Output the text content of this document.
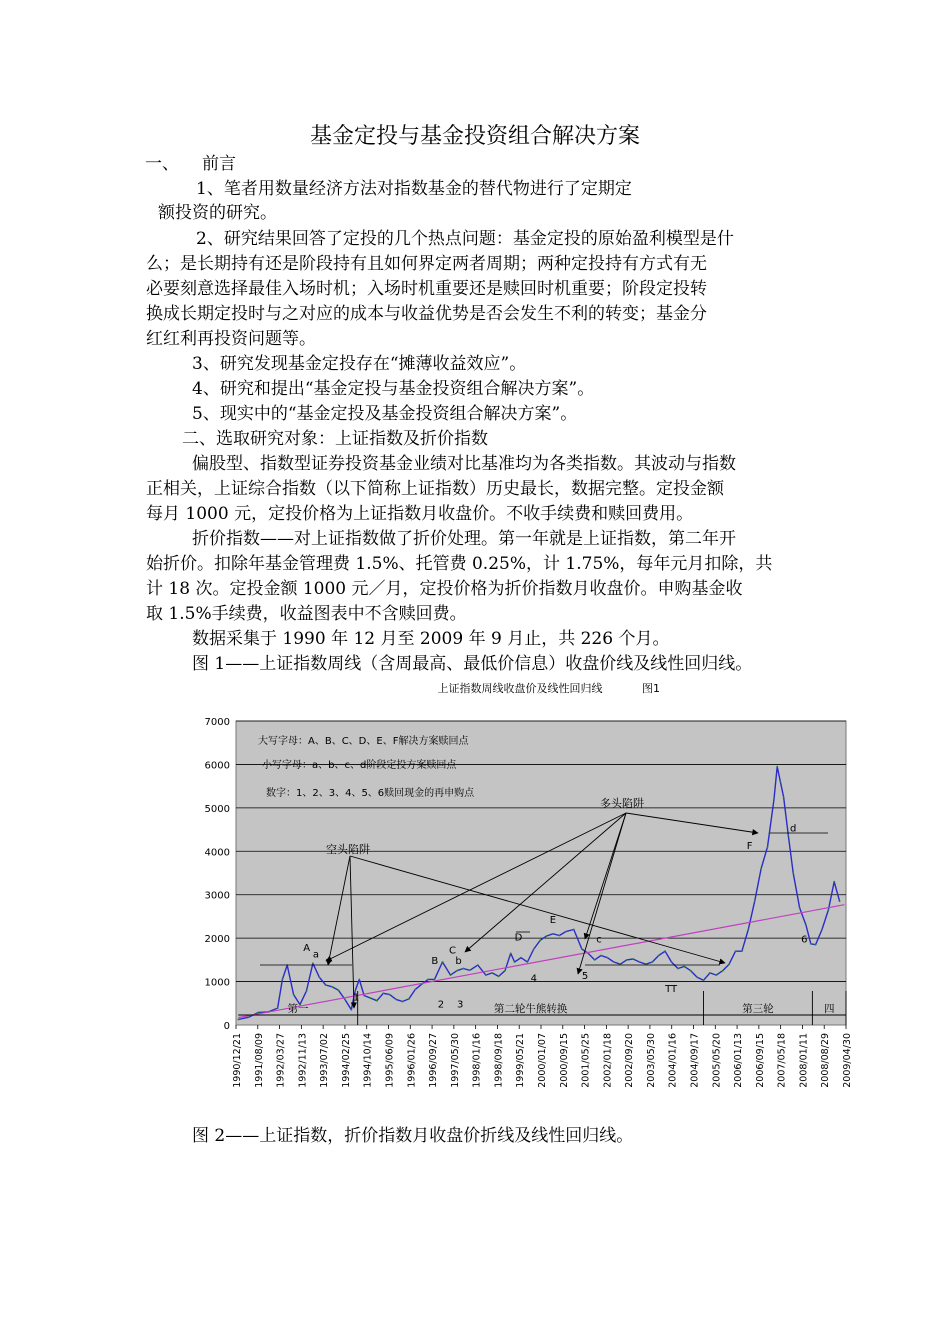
基金定投与基金投资组合解决方案
一、 前言
1、笔者用数量经济方法对指数基金的替代物进行了定期定
额投资的研究。
2、研究结果回答了定投的几个热点问题：基金定投的原始盈利模型是什
么；是长期持有还是阶段持有且如何界定两者周期；两种定投持有方式有无
必要刻意选择最佳入场时机；入场时机重要还是赎回时机重要；阶段定投转
换成长期定投时与之对应的成本与收益优势是否会发生不利的转变；基金分
红红利再投资问题等。
3、研究发现基金定投存在“摊薄收益效应”。
4、研究和提出“基金定投与基金投资组合解决方案”。
5、现实中的“基金定投及基金投资组合解决方案”。
二、选取研究对象：上证指数及折价指数
偏股型、指数型证券投资基金业绩对比基准均为各类指数。其波动与指数
正相关，上证综合指数（以下简称上证指数）历史最长，数据完整。定投金额
每月 1000 元，定投价格为上证指数月收盘价。不收手续费和赎回费用。
折价指数——对上证指数做了折价处理。第一年就是上证指数，第二年开
始折价。扣除年基金管理费 1.5%、托管费 0.25%，计 1.75%，每年元月扣除，共
计 18 次。定投金额 1000 元／月，定投价格为折价指数月收盘价。申购基金收
取 1.5%手续费，收益图表中不含赎回费。
数据采集于 1990 年 12 月至 2009 年 9 月止，共 226 个月。
图 1——上证指数周线（含周最高、最低价信息）收盘价线及线性回归线。
上证指数周线收盘价及线性回归线	图1
0
1000
2000
3000
4000
5000
6000
7000
1990/12/21 1991/08/09 1992/03/27 1992/11/13 1993/07/02 1994/02/25 1994/10/14 1995/06/09 1996/01/26 1996/09/27 1997/05/30 1998/01/16 1998/09/18 1999/05/21 2000/01/07 2000/09/15 2001/05/25 2002/01/18 2002/09/20 2003/05/30 2004/01/16 2004/09/17 2005/05/20 2006/01/13 2006/09/15 2007/05/18 2008/01/11 2008/08/29 2009/04/30
大写字母：A、B、C、D、E、F解决方案赎回点
小写字母：a、b、c、d阶段定投方案赎回点
数字：1、2、3、4、5、6赎回现金的再申购点
空头陷阱
多头陷阱
A
a
B
C
b
D
E
c
F
d
1
2 3
4	5
6
TT
第一	第二轮牛熊转换	第三轮	四
图 2——上证指数，折价指数月收盘价折线及线性回归线。
